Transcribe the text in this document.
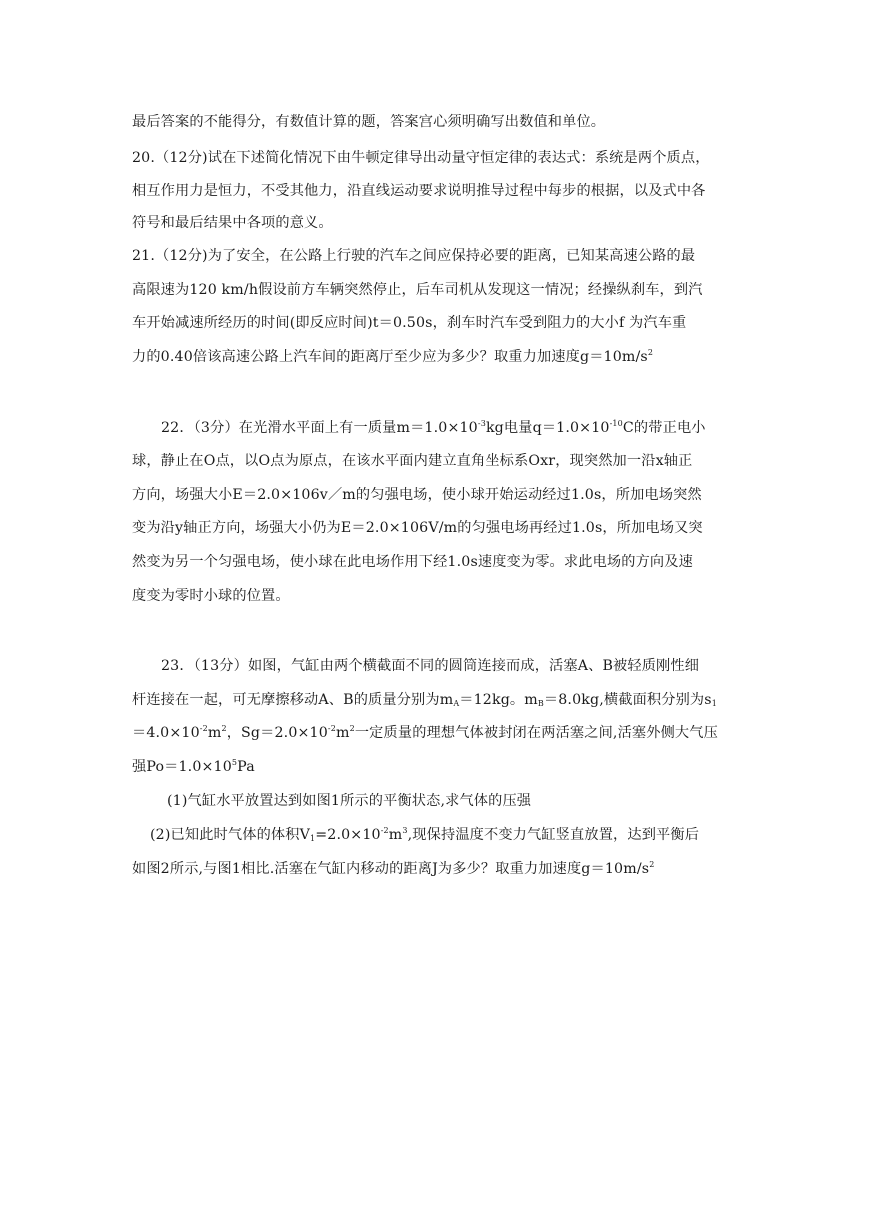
最后答案的不能得分，有数值计算的题，答案宫心须明确写出数值和单位。
20.（12分)试在下述简化情况下由牛顿定律导出动量守恒定律的表达式：系统是两个质点，
相互作用力是恒力，不受其他力，沿直线运动要求说明推导过程中每步的根据，以及式中各
符号和最后结果中各项的意义。
21.（12分)为了安全，在公路上行驶的汽车之间应保持必要的距离，已知某高速公路的最
高限速为120 km/h假设前方车辆突然停止，后车司机从发现这一情况；经操纵刹车，到汽
车开始减速所经历的时间(即反应时间)t＝0.50s，刹车时汽车受到阻力的大小f 为汽车重
力的0.40倍该高速公路上汽车间的距离厅至少应为多少？取重力加速度$g=10m/s^2$
22．（3分）在光滑水平面上有一质量$m=1.0\times 10^{-3}kg$电量$q=1.0\times 10^{-10}C$的带正电小
球，静止在O点，以O点为原点，在该水平面内建立直角坐标系Oxr，现突然加一沿x轴正
方向，场强大小E＝2.0×106v／m的匀强电场，使小球开始运动经过1.0s，所加电场突然
变为沿y轴正方向，场强大小仍为E＝2.0×106V/m的匀强电场再经过1.0s，所加电场又突
然变为另一个匀强电场，使小球在此电场作用下经1.0s速度变为零。求此电场的方向及速
度变为零时小球的位置。
23．（13分）如图，气缸由两个横截面不同的圆筒连接而成，活塞A、B被轻质刚性细
杆连接在一起，可无摩擦移动A、B的质量分别为$m_A=12kg$。$m_B=8.0kg$,横截面积分别为$s_1$
$=4.0\times 10^{-2}m^2$，$Sg=2.0\times 10^{-2}m^2$一定质量的理想气体被封闭在两活塞之间,活塞外侧大气压
强$Po=1.0\times 10^5Pa$
(1)气缸水平放置达到如图1所示的平衡状态,求气体的压强
(2)已知此时气体的体积$V_1=2.0\times 10^{-2}m^3$,现保持温度不变力气缸竖直放置，达到平衡后
如图2所示,与图1相比.活塞在气缸内移动的距离J为多少？取重力加速度$g=10m/s^2$
